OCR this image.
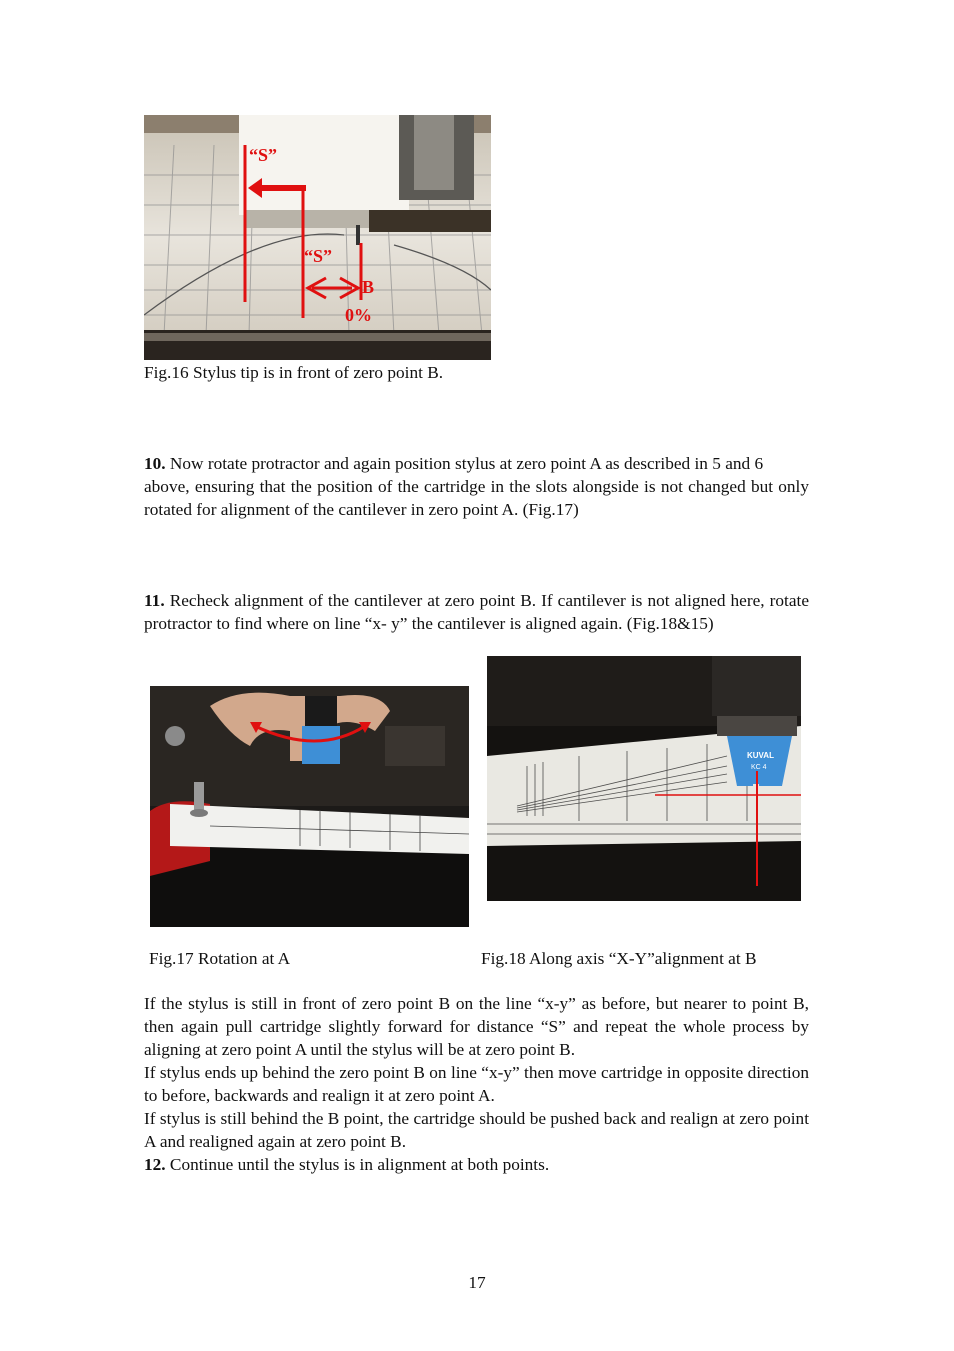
“S”
“S”
B
0%
Fig.16 Stylus tip is in front of zero point B.

10. Now rotate protractor and again position stylus at zero point A as described in 5 and 6

above, ensuring that the position of the cartridge in the slots alongside is not changed but only rotated for alignment of the cantilever in zero point A. (Fig.17)

11. Recheck alignment of the cantilever at zero point B. If cantilever is not aligned here, rotate protractor to find where on line “x- y” the cantilever is aligned again. (Fig.18&15)

KUVAL
KC 4
Fig.17 Rotation at A	Fig.18 Along axis “X-Y”alignment at B

If the stylus is still in front of zero point B on the line “x-y” as before, but nearer to point B, then again pull cartridge slightly forward for distance “S” and repeat the whole process by aligning at zero point A until the stylus will be at zero point B.

If stylus ends up behind the zero point B on line “x-y” then move cartridge in opposite direction to before, backwards and realign it at zero point A.

If stylus is still behind the B point, the cartridge should be pushed back and realign at zero point A and realigned again at zero point B.

12. Continue until the stylus is in alignment at both points.

17
